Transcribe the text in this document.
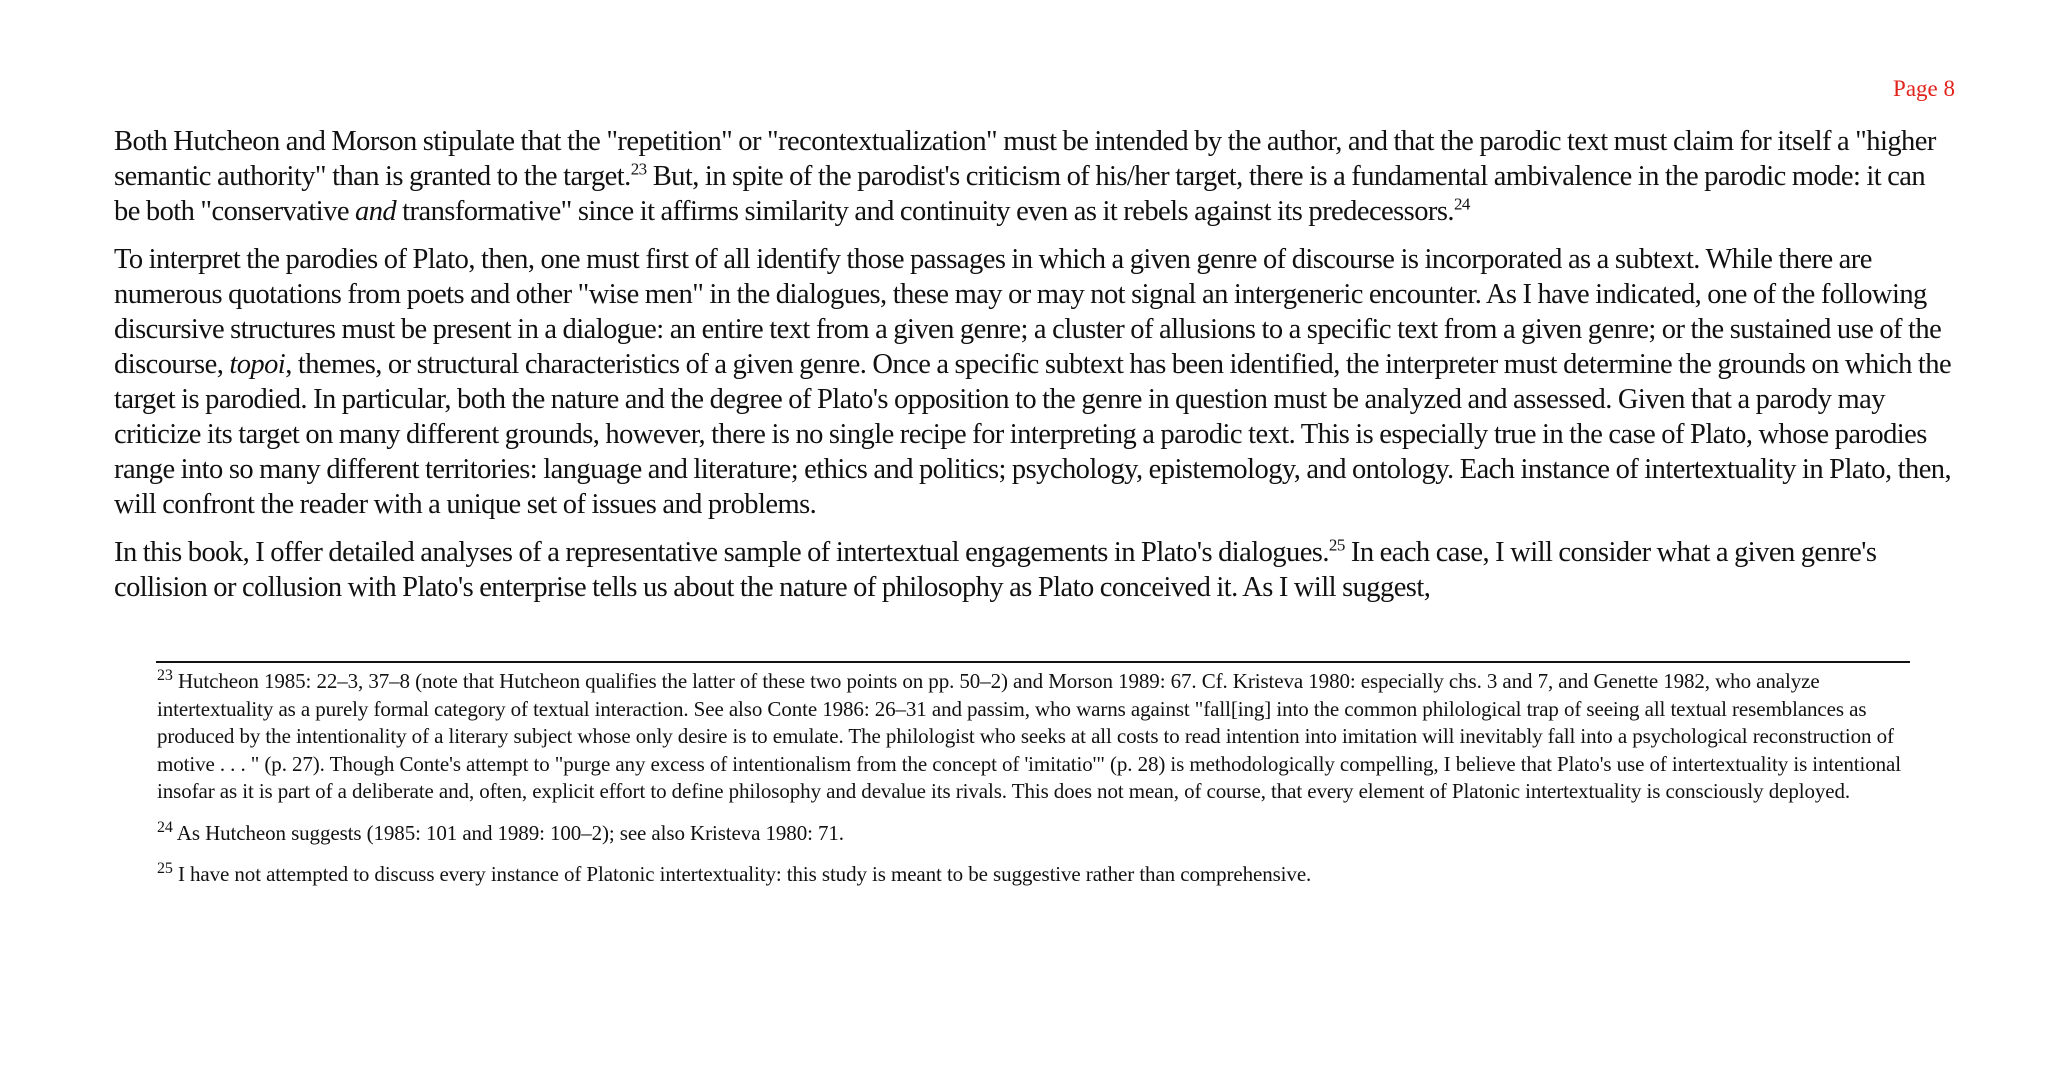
Page 8

Both Hutcheon and Morson stipulate that the "repetition" or "recontextualization" must be intended by the author, and that the parodic text must claim for itself a "higher semantic authority" than is granted to the target.$^{23}$ But, in spite of the parodist's criticism of his/her target, there is a fundamental ambivalence in the parodic mode: it can be both "conservative and transformative" since it affirms similarity and continuity even as it rebels against its predecessors.$^{24}$

To interpret the parodies of Plato, then, one must first of all identify those passages in which a given genre of discourse is incorporated as a subtext. While there are numerous quotations from poets and other "wise men" in the dialogues, these may or may not signal an intergeneric encounter. As I have indicated, one of the following discursive structures must be present in a dialogue: an entire text from a given genre; a cluster of allusions to a specific text from a given genre; or the sustained use of the discourse, topoi, themes, or structural characteristics of a given genre. Once a specific subtext has been identified, the interpreter must determine the grounds on which the target is parodied. In particular, both the nature and the degree of Plato's opposition to the genre in question must be analyzed and assessed. Given that a parody may criticize its target on many different grounds, however, there is no single recipe for interpreting a parodic text. This is especially true in the case of Plato, whose parodies range into so many different territories: language and literature; ethics and politics; psychology, epistemology, and ontology. Each instance of intertextuality in Plato, then, will confront the reader with a unique set of issues and problems.

In this book, I offer detailed analyses of a representative sample of intertextual engagements in Plato's dialogues.$^{25}$ In each case, I will consider what a given genre's collision or collusion with Plato's enterprise tells us about the nature of philosophy as Plato conceived it. As I will suggest,

$^{23}$ Hutcheon 1985: 22–3, 37–8 (note that Hutcheon qualifies the latter of these two points on pp. 50–2) and Morson 1989: 67. Cf. Kristeva 1980: especially chs. 3 and 7, and Genette 1982, who analyze intertextuality as a purely formal category of textual interaction. See also Conte 1986: 26–31 and passim, who warns against "fall[ing] into the common philological trap of seeing all textual resemblances as produced by the intentionality of a literary subject whose only desire is to emulate. The philologist who seeks at all costs to read intention into imitation will inevitably fall into a psychological reconstruction of motive . . . " (p. 27). Though Conte's attempt to "purge any excess of intentionalism from the concept of 'imitatio'" (p. 28) is methodologically compelling, I believe that Plato's use of intertextuality is intentional insofar as it is part of a deliberate and, often, explicit effort to define philosophy and devalue its rivals. This does not mean, of course, that every element of Platonic intertextuality is consciously deployed.

$^{24}$ As Hutcheon suggests (1985: 101 and 1989: 100–2); see also Kristeva 1980: 71.

$^{25}$ I have not attempted to discuss every instance of Platonic intertextuality: this study is meant to be suggestive rather than comprehensive.
